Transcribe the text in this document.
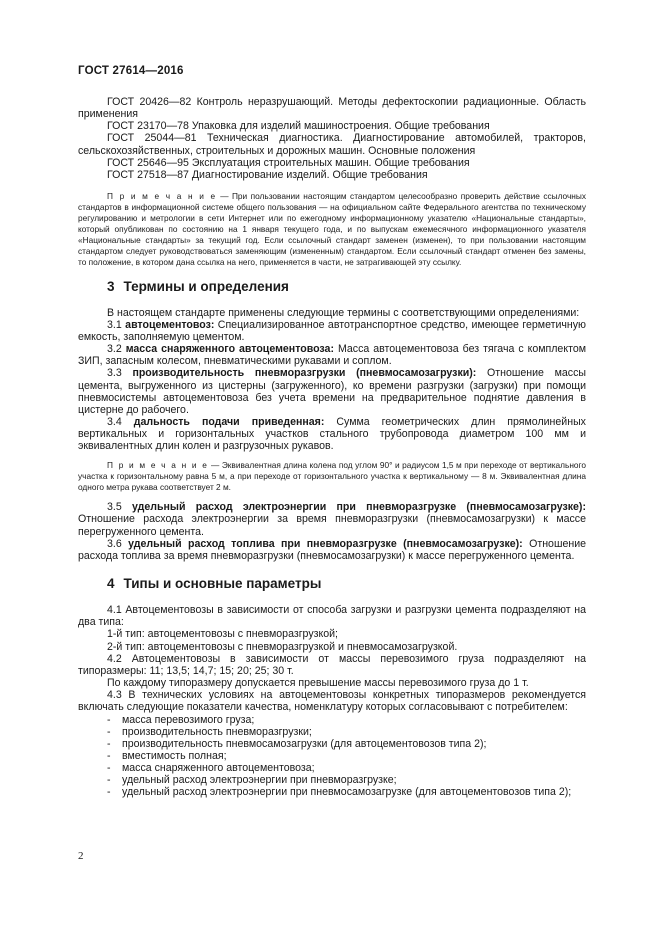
ГОСТ 27614—2016

ГОСТ 20426—82 Контроль неразрушающий. Методы дефектоскопии радиационные. Область применения

ГОСТ 23170—78 Упаковка для изделий машиностроения. Общие требования

ГОСТ 25044—81 Техническая диагностика. Диагностирование автомобилей, тракторов, сельскохозяйственных, строительных и дорожных машин. Основные положения

ГОСТ 25646—95 Эксплуатация строительных машин. Общие требования

ГОСТ 27518—87 Диагностирование изделий. Общие требования

П р и м е ч а н и е — При пользовании настоящим стандартом целесообразно проверить действие ссылочных стандартов в информационной системе общего пользования — на официальном сайте Федерального агентства по техническому регулированию и метрологии в сети Интернет или по ежегодному информационному указателю «Национальные стандарты», который опубликован по состоянию на 1 января текущего года, и по выпускам ежемесячного информационного указателя «Национальные стандарты» за текущий год. Если ссылочный стандарт заменен (изменен), то при пользовании настоящим стандартом следует руководствоваться заменяющим (измененным) стандартом. Если ссылочный стандарт отменен без замены, то положение, в котором дана ссылка на него, применяется в части, не затрагивающей эту ссылку.

3 Термины и определения

В настоящем стандарте применены следующие термины с соответствующими определениями:

3.1 автоцементовоз: Специализированное автотранспортное средство, имеющее герметичную емкость, заполняемую цементом.

3.2 масса снаряженного автоцементовоза: Масса автоцементовоза без тягача с комплектом ЗИП, запасным колесом, пневматическими рукавами и соплом.

3.3 производительность пневморазгрузки (пневмосамозагрузки): Отношение массы цемента, выгруженного из цистерны (загруженного), ко времени разгрузки (загрузки) при помощи пневмосистемы автоцементовоза без учета времени на предварительное поднятие давления в цистерне до рабочего.

3.4 дальность подачи приведенная: Сумма геометрических длин прямолинейных вертикальных и горизонтальных участков стального трубопровода диаметром 100 мм и эквивалентных длин колен и разгрузочных рукавов.

П р и м е ч а н и е — Эквивалентная длина колена под углом 90° и радиусом 1,5 м при переходе от вертикального участка к горизонтальному равна 5 м, а при переходе от горизонтального участка к вертикальному — 8 м. Эквивалентная длина одного метра рукава соответствует 2 м.

3.5 удельный расход электроэнергии при пневморазгрузке (пневмосамозагрузке): Отношение расхода электроэнергии за время пневморазгрузки (пневмосамозагрузки) к массе перегруженного цемента.

3.6 удельный расход топлива при пневморазгрузке (пневмосамозагрузке): Отношение расхода топлива за время пневморазгрузки (пневмосамозагрузки) к массе перегруженного цемента.

4 Типы и основные параметры

4.1 Автоцементовозы в зависимости от способа загрузки и разгрузки цемента подразделяют на два типа:

1-й тип: автоцементовозы с пневморазгрузкой;

2-й тип: автоцементовозы с пневморазгрузкой и пневмосамозагрузкой.

4.2 Автоцементовозы в зависимости от массы перевозимого груза подразделяют на типоразмеры: 11; 13,5; 14,7; 15; 20; 25; 30 т.

По каждому типоразмеру допускается превышение массы перевозимого груза до 1 т.

4.3 В технических условиях на автоцементовозы конкретных типоразмеров рекомендуется включать следующие показатели качества, номенклатуру которых согласовывают с потребителем:

- масса перевозимого груза;

- производительность пневморазгрузки;

- производительность пневмосамозагрузки (для автоцементовозов типа 2);

- вместимость полная;

- масса снаряженного автоцементовоза;

- удельный расход электроэнергии при пневморазгрузке;

- удельный расход электроэнергии при пневмосамозагрузке (для автоцементовозов типа 2);

2
